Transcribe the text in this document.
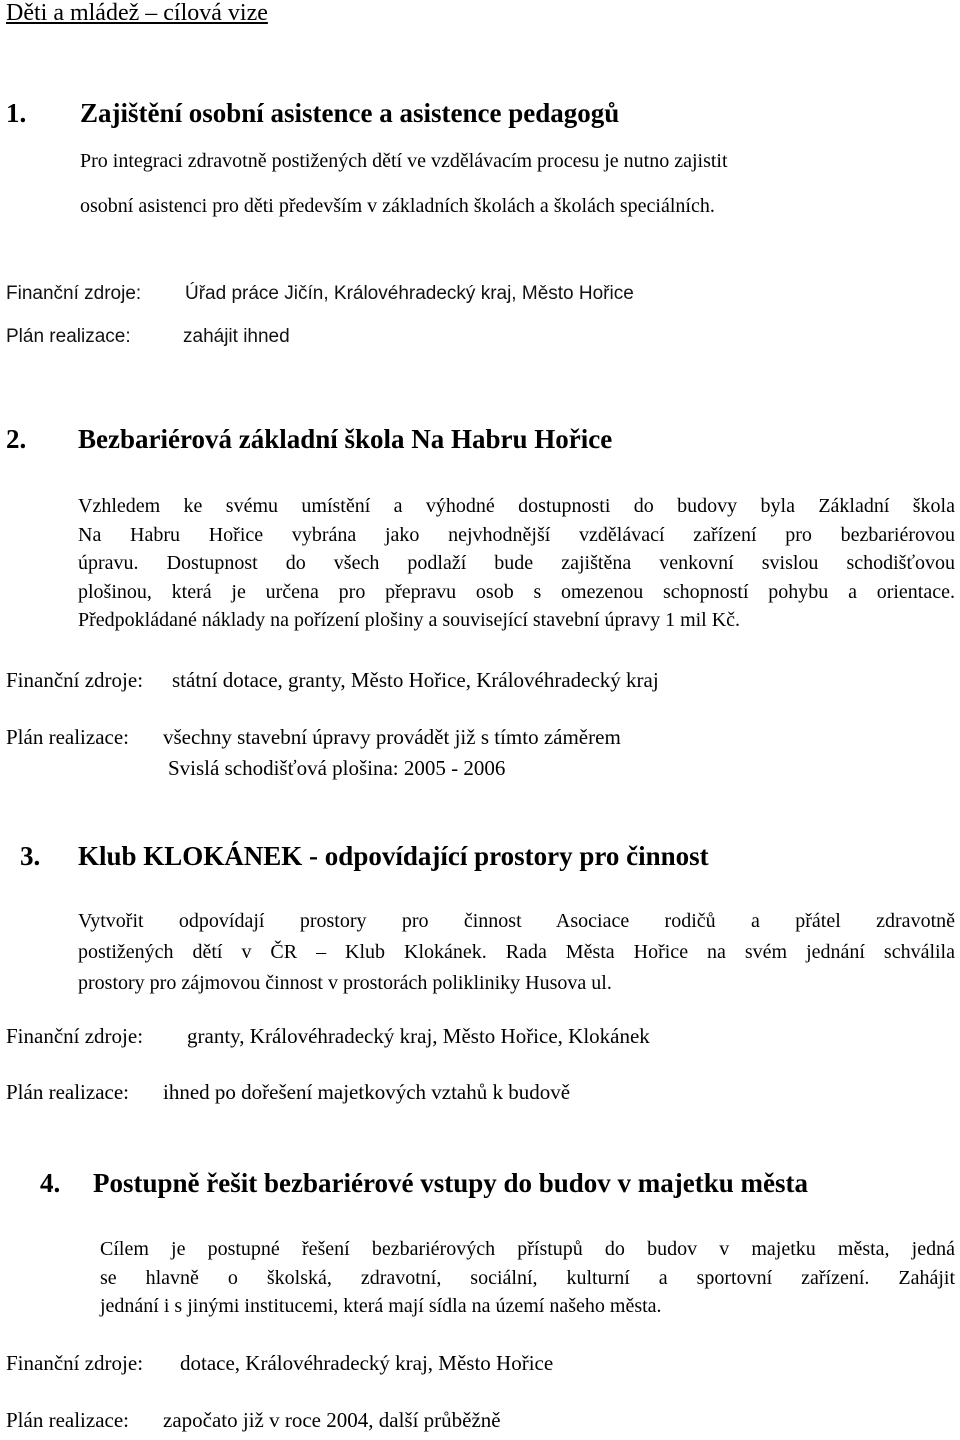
Děti a mládež – cílová vize
1. Zajištění osobní asistence a asistence pedagogů
Pro integraci zdravotně postižených dětí ve vzdělávacím procesu je nutno zajistit
osobní asistenci pro děti především v základních školách a školách speciálních.
Finanční zdroje: Úřad práce Jičín, Královéhradecký kraj, Město Hořice
Plán realizace:	zahájit ihned
2. Bezbariérová základní škola Na Habru Hořice
Vzhledem ke svému umístění a výhodné dostupnosti do budovy byla Základní škola
Na Habru Hořice vybrána jako nejvhodnější vzdělávací zařízení pro bezbariérovou
úpravu. Dostupnost do všech podlaží bude zajištěna venkovní svislou schodišťovou
plošinou, která je určena pro přepravu osob s omezenou schopností pohybu a orientace.
Předpokládané náklady na pořízení plošiny a související stavební úpravy 1 mil Kč.
Finanční zdroje: státní dotace, granty, Město Hořice, Královéhradecký kraj
Plán realizace: všechny stavební úpravy provádět již s tímto záměrem
Svislá schodišťová plošina: 2005 - 2006
3. Klub KLOKÁNEK - odpovídající prostory pro činnost
Vytvořit odpovídají prostory pro činnost Asociace rodičů a přátel zdravotně
postižených dětí v ČR – Klub Klokánek. Rada Města Hořice na svém jednání schválila
prostory pro zájmovou činnost v prostorách polikliniky Husova ul.
Finanční zdroje: granty, Královéhradecký kraj, Město Hořice, Klokánek
Plán realizace: ihned po dořešení majetkových vztahů k budově
4. Postupně řešit bezbariérové vstupy do budov v majetku města
Cílem je postupné řešení bezbariérových přístupů do budov v majetku města, jedná
se hlavně o školská, zdravotní, sociální, kulturní a sportovní zařízení. Zahájit
jednání i s jinými institucemi, která mají sídla na území našeho města.
Finanční zdroje: dotace, Královéhradecký kraj, Město Hořice
Plán realizace: započato již v roce 2004, další průběžně
